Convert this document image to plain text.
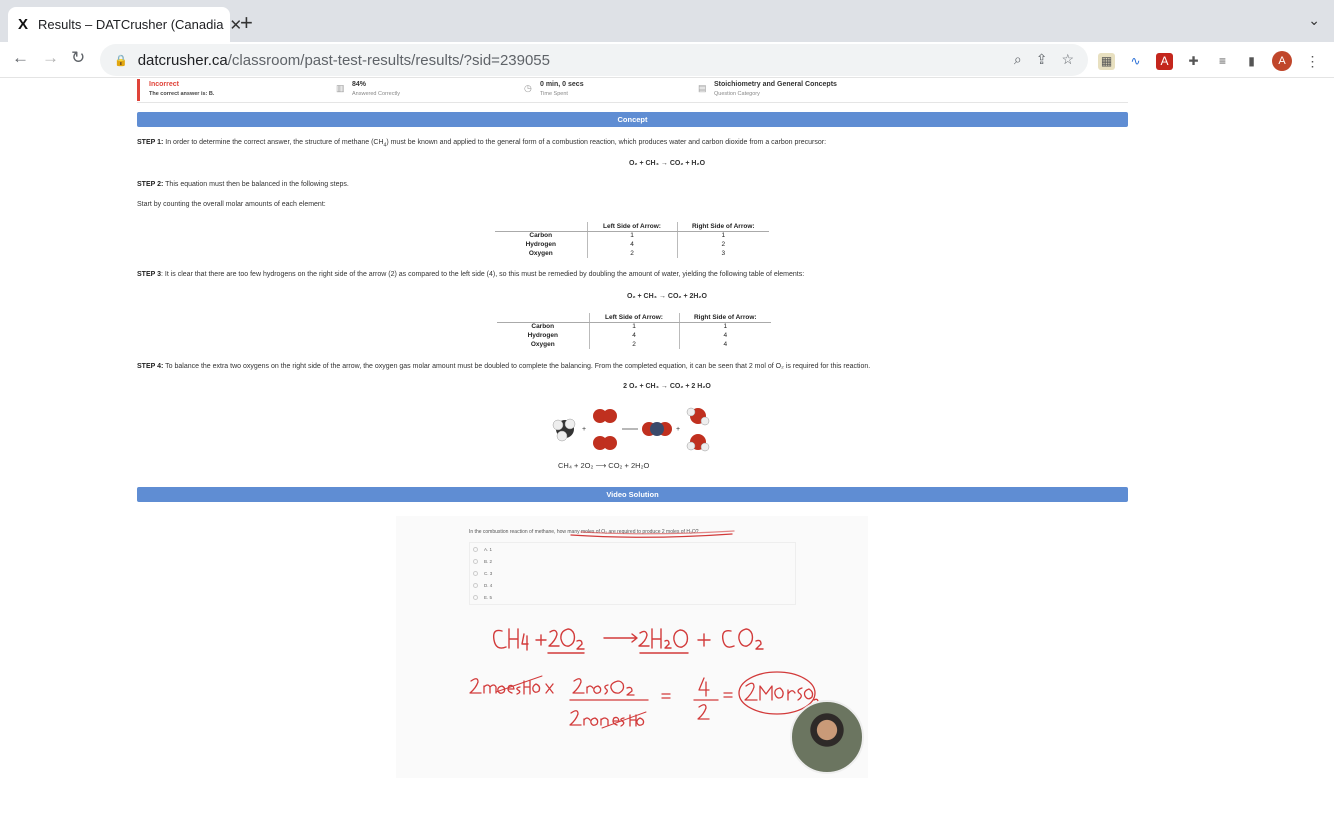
X Results – DATCrusher (Canadia ✕
+	⌄
← → ↻	🔒 datcrusher.ca /classroom/past-test-results/results/?sid=239055	⌕ ⇪ ☆ ▦ ∿	A	✚	≡	▮	A	⋮
Incorrect
The correct answer is: B.
▥ 84%
Answered Correctly
◷ 0 min, 0 secs
Time Spent
▤ Stoichiometry and General Concepts
Question Category
Concept
STEP 1: In order to determine the correct answer, the structure of methane $(CH_4)$ must be known and applied to the general form of a combustion reaction, which produces water and carbon dioxide from a carbon precursor:
O₂ + CH₄ → CO₂ + H₂O
STEP 2: This equation must then be balanced in the following steps.
Start by counting the overall molar amounts of each element:
	Left Side of Arrow:	Right Side of Arrow:
Carbon	1	1
Hydrogen	4	2
Oxygen	2	3
STEP 3: It is clear that there are too few hydrogens on the right side of the arrow (2) as compared to the left side (4), so this must be remedied by doubling the amount of water, yielding the following table of elements:
O₂ + CH₄ → CO₂ + 2H₂O
	Left Side of Arrow:	Right Side of Arrow:
Carbon	1	1
Hydrogen	4	4
Oxygen	2	4
STEP 4: To balance the extra two oxygens on the right side of the arrow, the oxygen gas molar amount must be doubled to complete the balancing. From the completed equation, it can be seen that 2 mol of O₂ is required for this reaction.
2 O₂ + CH₄ → CO₂ + 2 H₂O
+	+
CH₄ + 2O₂ ⟶ CO₂ + 2H₂O
Video Solution
In the combustion reaction of methane, how many moles of O₂ are required to produce 2 moles of H₂O?
A. 1
B. 2
C. 3
D. 4
E. 5
